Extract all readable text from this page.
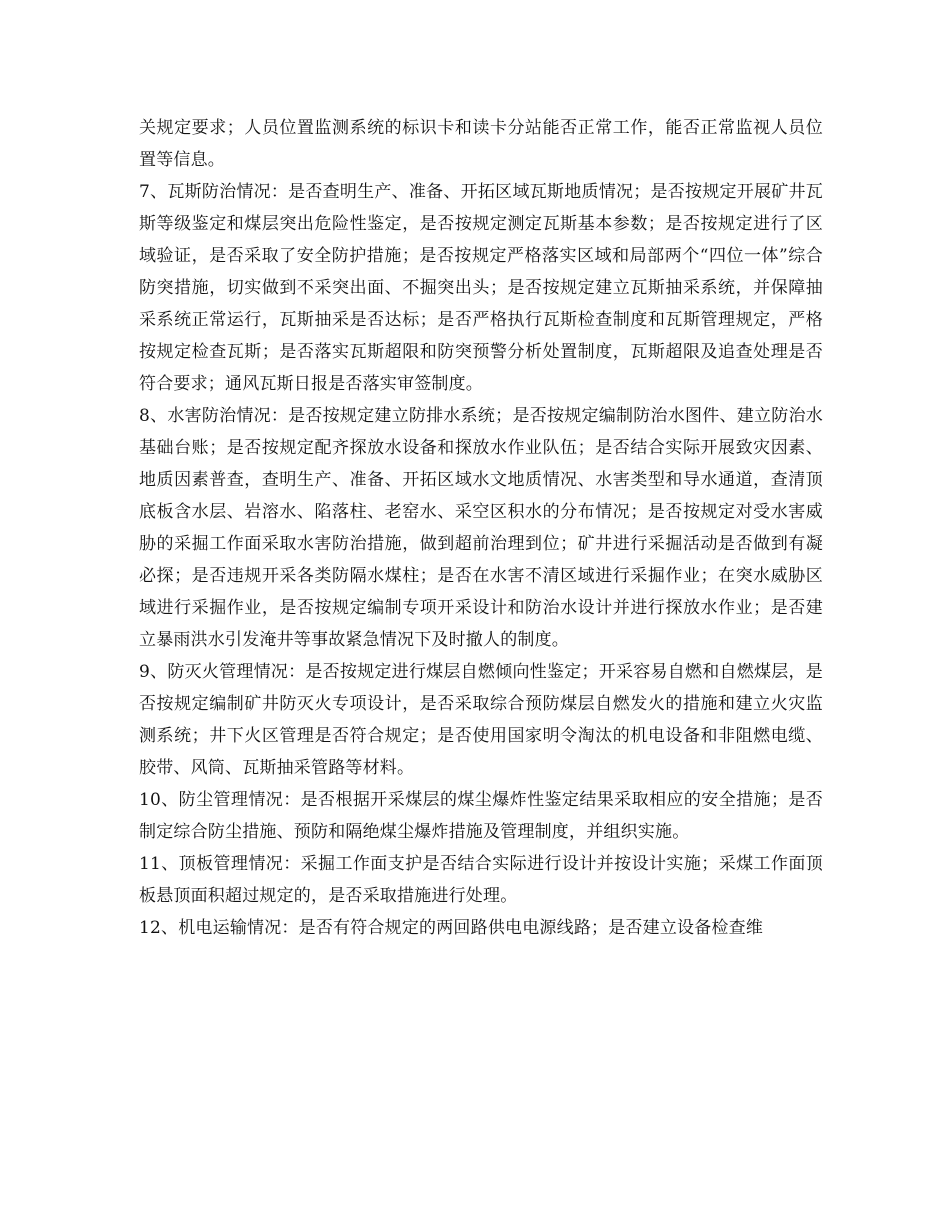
关规定要求；人员位置监测系统的标识卡和读卡分站能否正常工作，能否正常监视人员位置等信息。

7、瓦斯防治情况：是否查明生产、准备、开拓区域瓦斯地质情况；是否按规定开展矿井瓦斯等级鉴定和煤层突出危险性鉴定，是否按规定测定瓦斯基本参数；是否按规定进行了区域验证，是否采取了安全防护措施；是否按规定严格落实区域和局部两个“四位一体”综合防突措施，切实做到不采突出面、不掘突出头；是否按规定建立瓦斯抽采系统，并保障抽采系统正常运行，瓦斯抽采是否达标；是否严格执行瓦斯检查制度和瓦斯管理规定，严格按规定检查瓦斯；是否落实瓦斯超限和防突预警分析处置制度，瓦斯超限及追查处理是否符合要求；通风瓦斯日报是否落实审签制度。

8、水害防治情况：是否按规定建立防排水系统；是否按规定编制防治水图件、建立防治水基础台账；是否按规定配齐探放水设备和探放水作业队伍；是否结合实际开展致灾因素、地质因素普查，查明生产、准备、开拓区域水文地质情况、水害类型和导水通道，查清顶底板含水层、岩溶水、陷落柱、老窑水、采空区积水的分布情况；是否按规定对受水害威胁的采掘工作面采取水害防治措施，做到超前治理到位；矿井进行采掘活动是否做到有凝必探；是否违规开采各类防隔水煤柱；是否在水害不清区域进行采掘作业；在突水威胁区域进行采掘作业，是否按规定编制专项开采设计和防治水设计并进行探放水作业；是否建立暴雨洪水引发淹井等事故紧急情况下及时撤人的制度。

9、防灭火管理情况：是否按规定进行煤层自燃倾向性鉴定；开采容易自燃和自燃煤层，是否按规定编制矿井防灭火专项设计，是否采取综合预防煤层自燃发火的措施和建立火灾监测系统；井下火区管理是否符合规定；是否使用国家明令淘汰的机电设备和非阻燃电缆、胶带、风筒、瓦斯抽采管路等材料。

10、防尘管理情况：是否根据开采煤层的煤尘爆炸性鉴定结果采取相应的安全措施；是否制定综合防尘措施、预防和隔绝煤尘爆炸措施及管理制度，并组织实施。

11、顶板管理情况：采掘工作面支护是否结合实际进行设计并按设计实施；采煤工作面顶板悬顶面积超过规定的，是否采取措施进行处理。

12、机电运输情况：是否有符合规定的两回路供电电源线路；是否建立设备检查维
